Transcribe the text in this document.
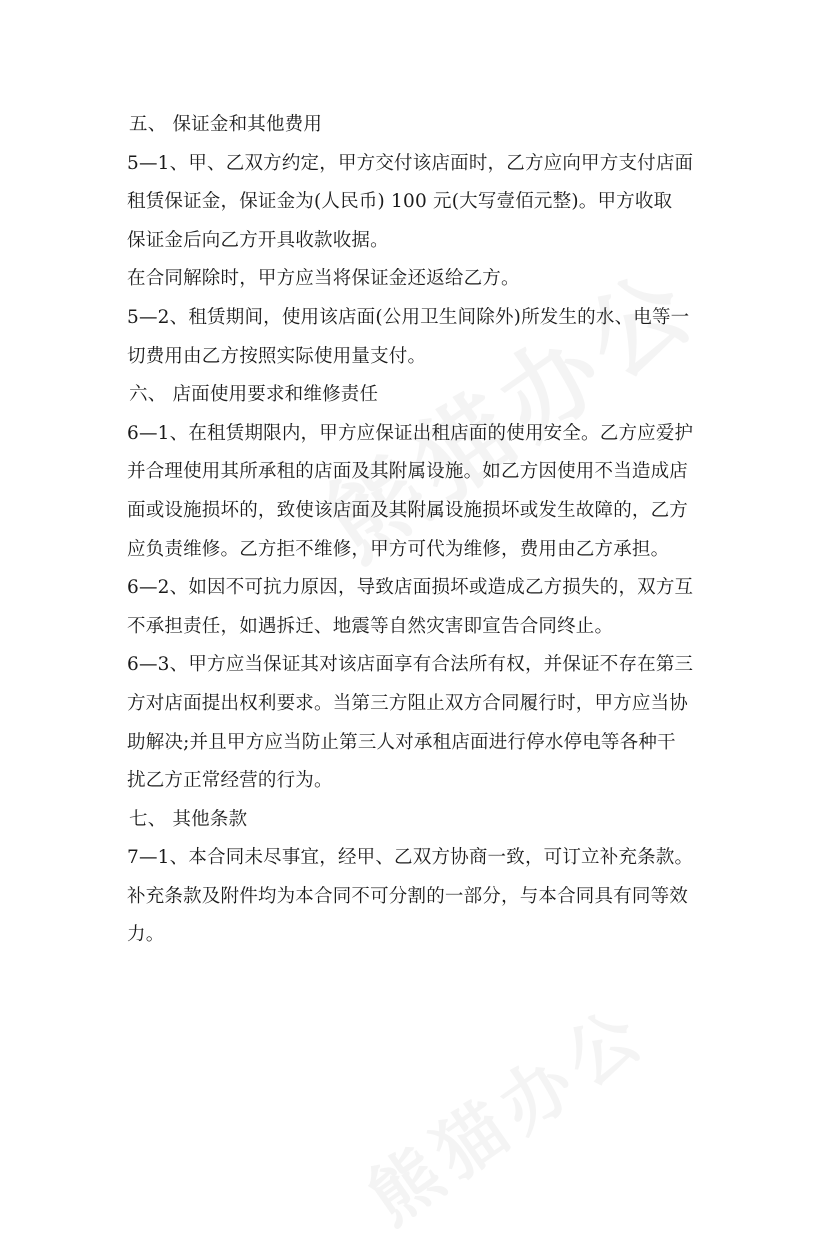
五、 保证金和其他费用

5—1、甲、乙双方约定，甲方交付该店面时，乙方应向甲方支付店面

租赁保证金，保证金为(人民币) 100 元(大写壹佰元整)。甲方收取

保证金后向乙方开具收款收据。

在合同解除时，甲方应当将保证金还返给乙方。

5—2、租赁期间，使用该店面(公用卫生间除外)所发生的水、电等一

切费用由乙方按照实际使用量支付。

六、 店面使用要求和维修责任

6—1、在租赁期限内，甲方应保证出租店面的使用安全。乙方应爱护

并合理使用其所承租的店面及其附属设施。如乙方因使用不当造成店

面或设施损坏的，致使该店面及其附属设施损坏或发生故障的，乙方

应负责维修。乙方拒不维修，甲方可代为维修，费用由乙方承担。

6—2、如因不可抗力原因，导致店面损坏或造成乙方损失的，双方互

不承担责任，如遇拆迁、地震等自然灾害即宣告合同终止。

6—3、甲方应当保证其对该店面享有合法所有权，并保证不存在第三

方对店面提出权利要求。当第三方阻止双方合同履行时，甲方应当协

助解决;并且甲方应当防止第三人对承租店面进行停水停电等各种干

扰乙方正常经营的行为。

七、 其他条款

7—1、本合同未尽事宜，经甲、乙双方协商一致，可订立补充条款。

补充条款及附件均为本合同不可分割的一部分，与本合同具有同等效

力。
